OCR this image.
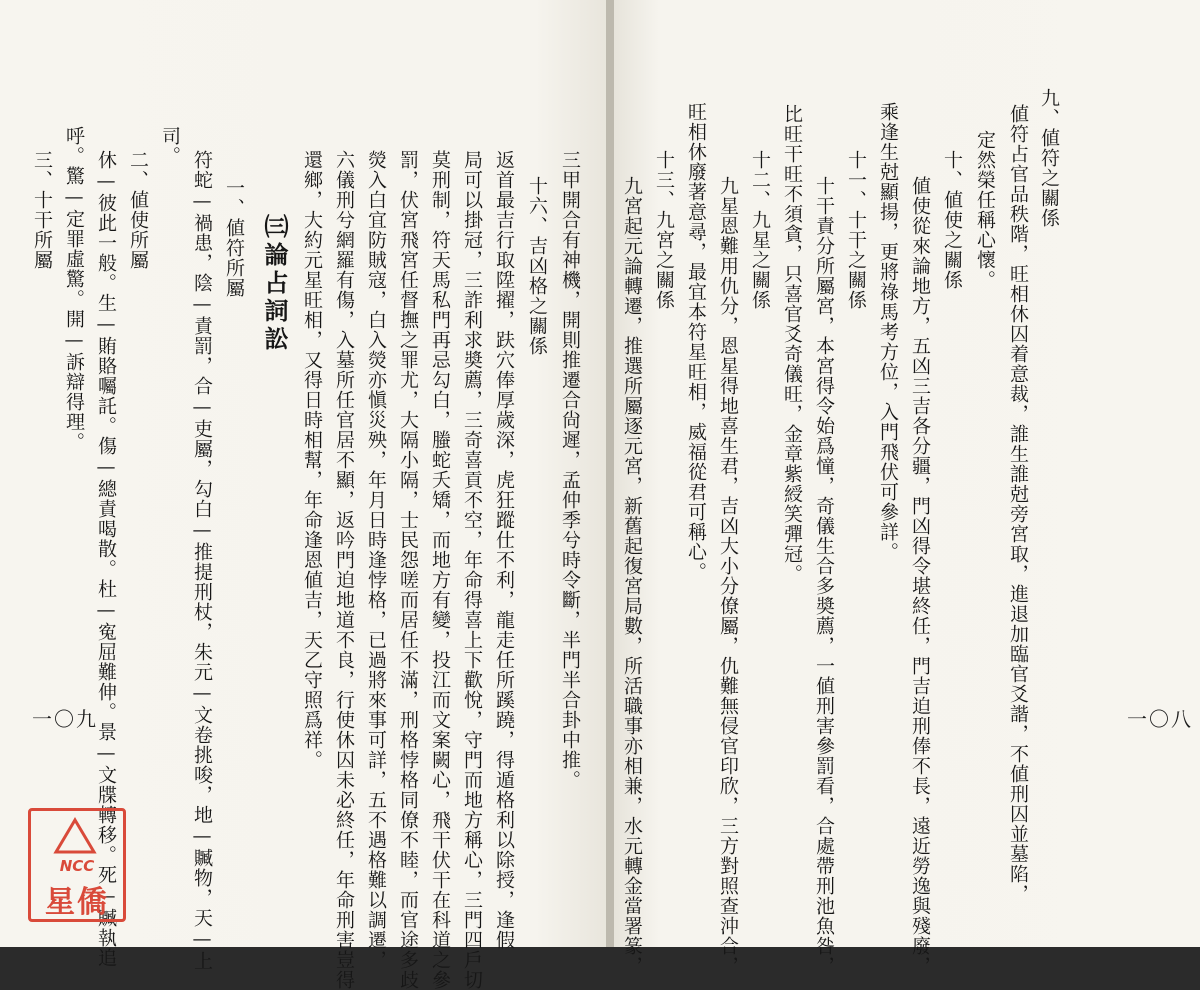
九、値符之關係
値符占官品秩階，旺相休囚着意裁，誰生誰尅旁宮取，進退加臨官爻諧，不値刑囚並墓陷，
定然榮任稱心懷。
十、値使之關係
値使從來論地方，五凶三吉各分疆，門凶得令堪終任，門吉迫刑俸不長，遠近勞逸與殘廢，
乘逢生尅顯揚，更將祿馬考方位，入門飛伏可參詳。
十一、十干之關係
十干責分所屬宮，本宮得令始爲憧，奇儀生合多奬薦，一値刑害參罰看，合處帶刑池魚咎，
比旺干旺不須貪，只喜官爻奇儀旺，金章紫綬笑彈冠。
十二、九星之關係
九星恩難用仇分，恩星得地喜生君，吉凶大小分僚屬，仇難無侵官印欣，三方對照查沖合，
旺相休廢著意尋，最宜本符星旺相，威福從君可稱心。
十三、九宮之關係
九宮起元論轉遷，推選所屬逐元宮，新舊起復宮局數，所活職事亦相兼，水元轉金當署篆，	一〇八
三甲開合有神機，開則推遷合尙遲，孟仲季兮時令斷，半門半合卦中推。
十六、吉凶格之關係
返首最吉行取陞擢，趺穴俸厚歲深，虎狂蹤仕不利，龍走任所蹊蹺，得遁格利以除授，逢假
局可以掛冠，三詐利求奬薦，三奇喜貢不空，年命得喜上下歡悅，守門而地方稱心，三門四戶切
莫刑制，符天馬私門再忌勾白，螣蛇夭矯，而地方有變，投江而文案闕心，飛干伏干在科道之參
罰，伏宮飛宮任督撫之罪尤，大隔小隔，士民怨嗟而居任不滿，刑格悖格同僚不睦，而官途多歧
熒入白宜防賊寇，白入熒亦愼災殃，年月日時逢悖格，已過將來事可詳，五不遇格難以調遷，
六儀刑兮網羅有傷，入墓所任官居不顯，返吟門迫地道不良，行使休囚未必終任，年命刑害豈得
還鄉，大約元星旺相，又得日時相幫，年命逢恩値吉，天乙守照爲祥。
㈢論占詞訟
一、値符所屬
符蛇—禍患，陰—責罰，合—吏屬，勾白—推提刑杖，朱元—文卷挑唆，地—贓物，天—上
司。
二、値使所屬
休—彼此一般。生—賄賂囑託。傷—總責喝散。杜—寃屈難伸。景—文牒轉移。死—贓執追
呼。驚—定罪虛驚。開—訴辯得理。
三、十干所屬
一〇九
NCC
星僑
